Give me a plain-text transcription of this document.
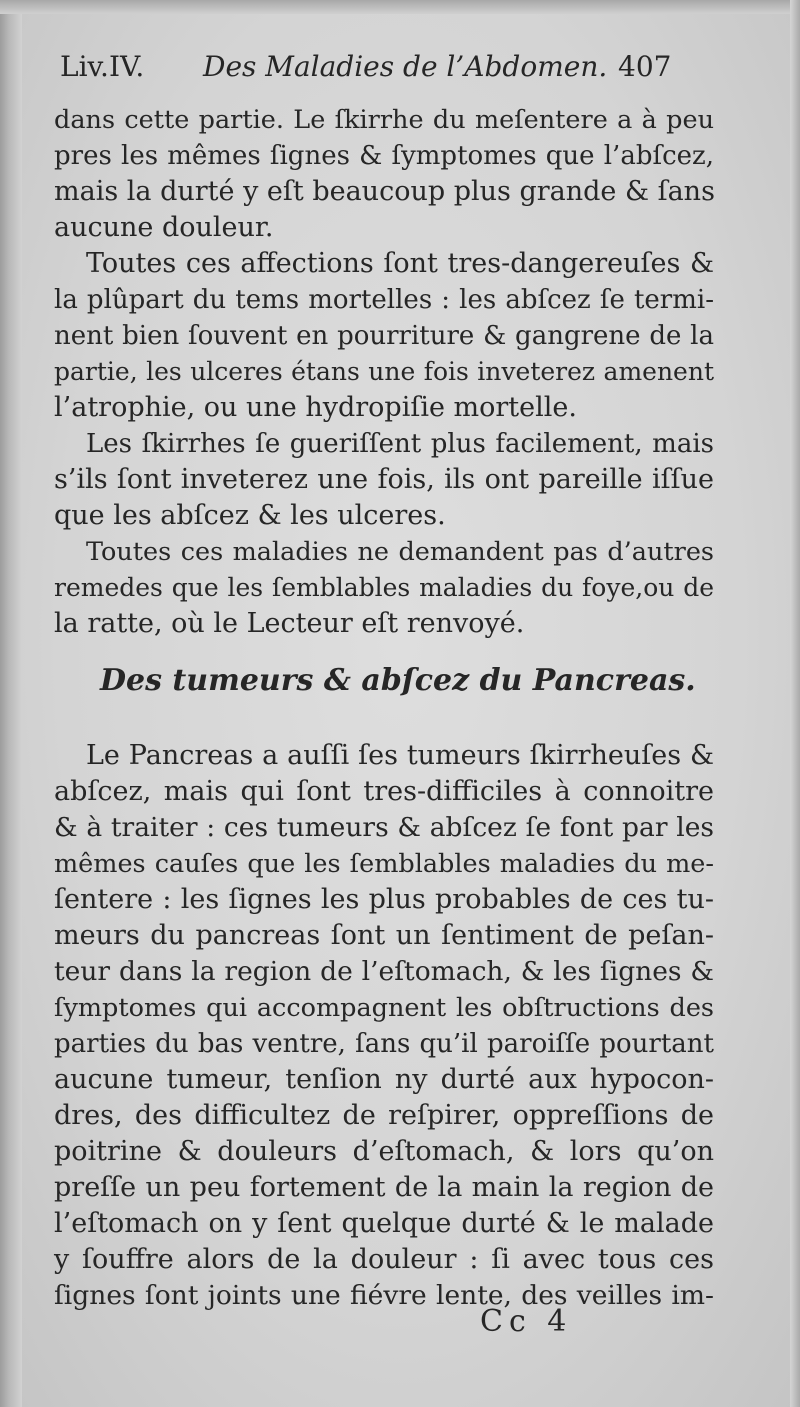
Liv.IV. Des Maladies de l’Abdomen. 407

dans cette partie. Le ſkirrhe du meſentere a à peu

pres les mêmes ſignes & ſymptomes que l’abſcez,

mais la durté y eſt beaucoup plus grande & ſans

aucune douleur.

Toutes ces affections ſont tres-dangereuſes &

la plûpart du tems mortelles : les abſcez ſe termi-

nent bien ſouvent en pourriture & gangrene de la

partie, les ulceres étans une fois inveterez amenent

l’atrophie, ou une hydropiſie mortelle.

Les ſkirrhes ſe gueriſſent plus facilement, mais

s’ils ſont inveterez une fois, ils ont pareille iſſue

que les abſcez & les ulceres.

Toutes ces maladies ne demandent pas d’autres

remedes que les ſemblables maladies du foye,ou de

la ratte, où le Lecteur eſt renvoyé.

Des tumeurs & abſcez du Pancreas.

Le Pancreas a auſſi ſes tumeurs ſkirrheuſes &

abſcez, mais qui ſont tres-difficiles à connoitre

& à traiter : ces tumeurs & abſcez ſe font par les

mêmes cauſes que les ſemblables maladies du me-

ſentere : les ſignes les plus probables de ces tu-

meurs du pancreas ſont un ſentiment de peſan-

teur dans la region de l’eſtomach, & les ſignes &

ſymptomes qui accompagnent les obſtructions des

parties du bas ventre, ſans qu’il paroiſſe pourtant

aucune tumeur, tenſion ny durté aux hypocon-

dres, des difficultez de reſpirer, oppreſſions de

poitrine & douleurs d’eſtomach, & lors qu’on

preſſe un peu fortement de la main la region de

l’eſtomach on y ſent quelque durté & le malade

y ſouffre alors de la douleur : ſi avec tous ces

ſignes ſont joints une fiévre lente, des veilles im-

Cc 4
